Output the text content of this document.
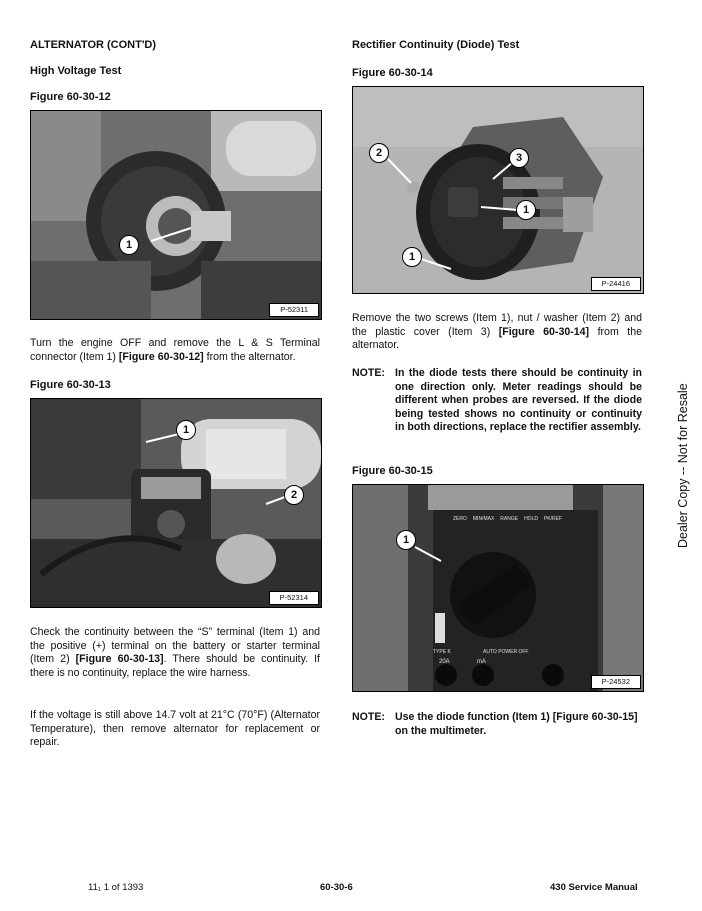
ALTERNATOR (CONT'D)
High Voltage Test
Figure 60-30-12
1
P-52311
Turn the engine OFF and remove the L & S Terminal connector (Item 1) [Figure 60-30-12] from the alternator.
Figure 60-30-13
1
2
P-52314
Check the continuity between the “S” terminal (Item 1) and the positive (+) terminal on the battery or starter terminal (Item 2) [Figure 60-30-13]. There should be continuity. If there is no continuity, replace the wire harness.
If the voltage is still above 14.7 volt at 21°C (70°F) (Alternator Temperature), then remove alternator for replacement or repair.
Rectifier Continuity (Diode) Test
Figure 60-30-14
2	3
1
1
P-24416
Remove the two screws (Item 1), nut / washer (Item 2) and the plastic cover (Item 3) [Figure 60-30-14] from the alternator.
NOTE: In the diode tests there should be continuity in one direction only. Meter readings should be different when probes are reversed. If the diode being tested shows no continuity or continuity in both directions, replace the rectifier assembly.
Figure 60-30-15
ZERO MIN/MAX RANGE HOLD PK/REF
TYPE K	AUTO POWER OFF
20A	mA
1
P-24532
NOTE: Use the diode function (Item 1) [Figure 60-30-15] on the multimeter.
Dealer Copy -- Not for Resale
11₁ 1 of 1393	60-30-6	430 Service Manual
